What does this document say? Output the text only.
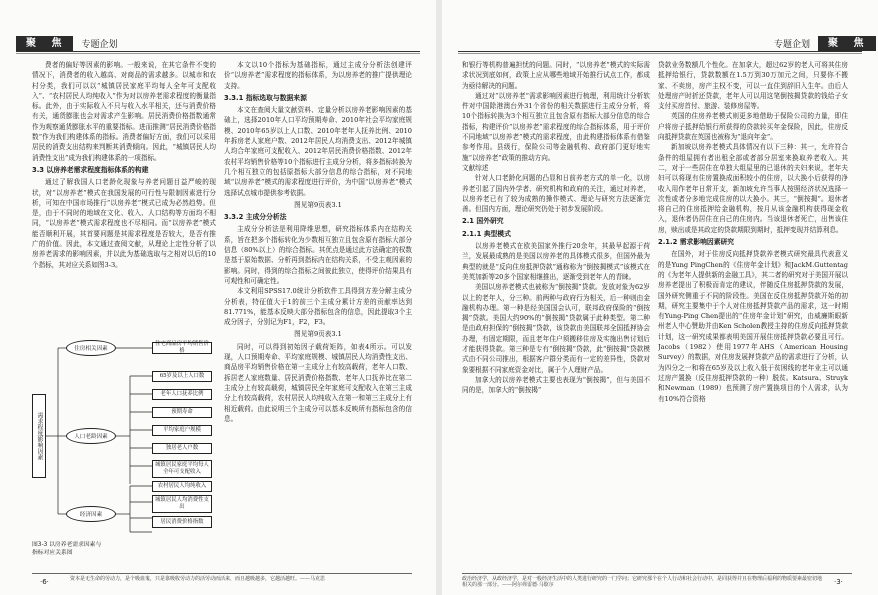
聚 焦	专题企划

费者的偏好等因素的影响。一般来说，在其它条件不变的情况下，消费者的收入越高、对商品的需求越多。以城市和农村分类，我们可以以“城镇居民家庭平均每人全年可支配收入”、“农村居民人均纯收入”作为对以房养老需求程度的衡量指标。此外，由于实际收入不只与收入水平相关，还与消费价格有关，通货膨胀也会对需求产生影响。居民消费价格指数通常作为观察通货膨胀水平的重要指标。进而推测“居民消费价格指数”作为我们构建体系的指标。消费者偏好方面，我们可以采用居民的消费支出结构来判断其消费倾向。因此，“城镇居民人均消费性支出”成为我们构建体系的一项指标。

3.3 以房养老需求程度指标体系的构建

通过了解我国人口老龄化现象与养老问题目益严峻的现状，对“以房养老”模式在我国发展的可行性与限制因素进行分析，可知在中国市场推行“以房养老”模式已成为必然趋势。但是，由于不同时的地域在文化、收入、人口结构等方面均不相同，“以房养老”模式需求程度也不尽相同。而“以房养老”模式能否顺利开展，其首要问题是其需求程度是否较大，是否有推广的价值。因此，本文通过查阅文献，从理论上定性分析了以房养老需求的影响因素，并以此为基础选取与之相对以后的10个指标，其对应关系如图3-3。

本文以10个指标为基础指标，通过主成分分析法创建评价“以房养老”需求程度的指标体系，为以房养老的推广提供理论支持。

3.3.1 指标选取与数据来源

本文在查阅大量文献资料、定量分析以房养老影响因素的基础上，选择2010年人口平均预期寿命、2010年社会平均家庭规模、2010年65岁以上人口数、2010年老年人抚养比例、2010年拆房老人家庭户数、2012年居民人均消费支出、2012年城镇人均合年家庭可支配收入、2012年居民消费价格指数、2012年农村平均销售价格等10个指标进行主成分分析，将多指标转换为几个相互独立的包括原指标大部分信息的综合指标，对不同地域“以房养老”模式的需求程度进行评价，为中国“以房养老”模式选择试点城市提供参考依据。

图见第9页表3.1

3.3.2 主成分分析法

主成分分析法是利用降维思想，研究指标体系内在结构关系，旨在把多个指标转化为少数相互独立且包含原有指标大部分信息（80%以上）的综合指标。其优点是通过此方法确定的权数是基于原始数据、分析再到指标内在结构关系，不受主观因素的影响。同时，得到的综合指标之间彼此独立，使得评价结果具有可观性和可确定性。

本文利用SPSS17.0统计分析软件工具得到方差分解主成分分析表，特征值大于1的前三个主成分累计方差的贡献率达到81.771%，能基本反映大部分指标包含的信息，因此提取3个主成分因子，分别记为F1，F2，F3。

图见第9页表3.1

同时，可以得到初始因子载荷矩阵，如表4所示。可以发现，人口预期寿命、平均家庭规模、城镇居民人均消费性支出、商品房平均销售价格在第一主成分上有较高载荷，老年人口数、拆居老人家庭数量、居民消费价格指数、老年人口抚养比在第二主成分上有较高载荷，城镇居民全年家庭可支配收入在第三主成分上有较高载荷，农村居民人均纯收入在第一和第三主成分上有相近载荷。由此说明三个主成分可以基本反映所有指标包含的信息。

需求程度影响因素
住房相关因素
人口老龄因素
经济因素
住宅商品房平均销售价格
65岁及以上人口数
老年人口抚养比例
预期寿命
平均家庭户规模
独居老人户数
城镇居民家庭平均每人全年可支配收入
农村居民人均纯收入
城镇居民人均消费性支出
居民消费价格指数
图3-3 以房养老需求因素与指标对应关系图
资本是无生命的劳动力，是个吸血鬼，只是靠吸收劳动力的活劳动而活来，而且越吸越多，它越活越旺。——马克思
·6·
专题企划	聚 焦

和银行等机构普遍担忧的问题。同时，“以房养老”模式的实际需求状况到底如何，政策上应从哪些地域开始推行试点工作，都成为亟待解决的问题。

通过对“以房养老”需求影响因素进行梳理，利用统计分析软件对中国除港澳台外31个省份的相关数据进行主成分分析，将10个指标转换为3个相互独立且包含原有指标大部分信息的综合指标，构建评价“以房养老”需求程度的综合指标体系，用于评价不同地域“以房养老”模式的需求程度，由此构建指标体系有借鉴参考作用。县级行，保险公司等金融机构、政府部门更好地实施“以房养老”政策的推动方向。

文献综述

针对人口老龄化问题的凸显和日前养老方式的单一化，以房养老引起了国内外学者、研究机构和政府的关注，通过对养老，以房养老已有了较为成熟的操作模式、理论与研究方法逐渐完善。但国内方面，理论研究仍处于初步发展阶段。

2.1 国外研究

2.1.1 典型模式

以房养老模式在欧美国家外推行20余年，其最早起源于荷兰，发展最成熟的是美国以房养老的具体模式很多，但国外最为典型的就是“反向住房抵押贷款”通称称为“倒按揭模式”该模式在美英加新等20多个国家相继推出，逐渐受到老年人的青睐。

美国以房养老模式也被称为“倒按揭”贷款。发放对象为62岁以上的老年人，分三种。前两种与政府行为相关，后一种则由金融机构办理。第一种是经美国国会认可，联邦政府保险的“倒按揭”贷款。美国大约90%的“倒按揭”贷款属于此种类型。第二种是由政府担保的“倒按揭”贷款，该贷款由美国联邦全国抵押协会办理，有固定期限，而且老年住户须搬移住房及实施出售讨划后才能获得贷款。第三种是专有“倒按揭”贷款，此“倒按揭”贷款模式由不同公司推出，根据客户群分类而有一定的差异性，贷款对象要根据不同家庭资金对比，属于个人理财产品。

加拿大的以房养老模式主要也表现为“倒按揭”，但与美国不同的是，加拿大的“倒按揭”

贷款业务数额几个性化。在加拿大，超过62岁的老人可将其住房抵押给银行，贷款数额在1.5万到30万加元之间，只要你不搬家、不卖房，房产主权不变，可以一直住到辞旧入生年。由后人处理房产时折还贷款，老年人可以用这笔倒按揭贷款的钱给子女支付买房首付、旅游、装修房屋等。

英国的住房养老模式则更多地借助于保险公司的力量，即住户将房子抵押给银行所获得的贷款转买年金保险，因此，住房反向抵押贷款在英国也被称为“退向年金”。

新加坡以房养老模式具体情况有以下三种：其一，允许符合条件的组屋拥有者出租全部或者部分居室来换取养老收入。其二，对于一些居住在单独大组屋里的已退休的夫妇来说，老年夫妇可以将现有住房置换成面积较小的住房，以大换小后获得的净收入用作老年日常开支，新加坡允许当事人按照经济状况选择一次性或者分多地完成住房的以大换小。其三，“倒按揭”。退休者将自己的住房抵押给金融机构，按月从该金融机构获得现金收入，退休者仍居住在自己的住房内。当该退休者死亡，出售该住房，赎出或是其政定的贷款期限到期时，抵押变现并结算利息。

2.1.2 需求影响因素研究

在国外，对于住房反向抵押贷款养老模式研究最具代表意义的是Yung PingChen的《住房年金计划》和JackM.Guttentag的《为老年人提供新的金融工具》，其二者的研究对于美国开展以房养老提出了积极而肯定的建议，伴随反住房抵押贷款的发展，国外研究侧重于不同的阶段性。美国在反住房抵押贷款开始的初期，研究主要集中于个人对住房抵押贷款产品的需求，这一时期有Yung-Ping Chen提出的“住房年金计划”研究，由威廉斯眼新州老人中心赞助并由Ken Scholen教授主持的住房反向抵押贷款计划，这一研究成果都表明美国开展住房抵押贷款必要且可行。Jacobs（1982）使用1977年AHS（American Housing Survey）的数据，对住房发展押贷款产品的需求进行了分析，认为四分之一和将在65岁及以上收入低于贫困线的老年业主可以通过房产置换（反住房抵押贷款的一种）脱贫。Katsura、Struyk和Newman（1989）也预测了房产置换项目的个人需求，认为有10%符合资格

政治经济学，从政经济学，是对一般经济生活中的人类进行研究的一门学问；它研究那个在个人行动和社会行动中，是同获得并且在物理后福利的物质要素最密切地相关的那一部分。——阿尔弗雷德·马歇尔	·3·
